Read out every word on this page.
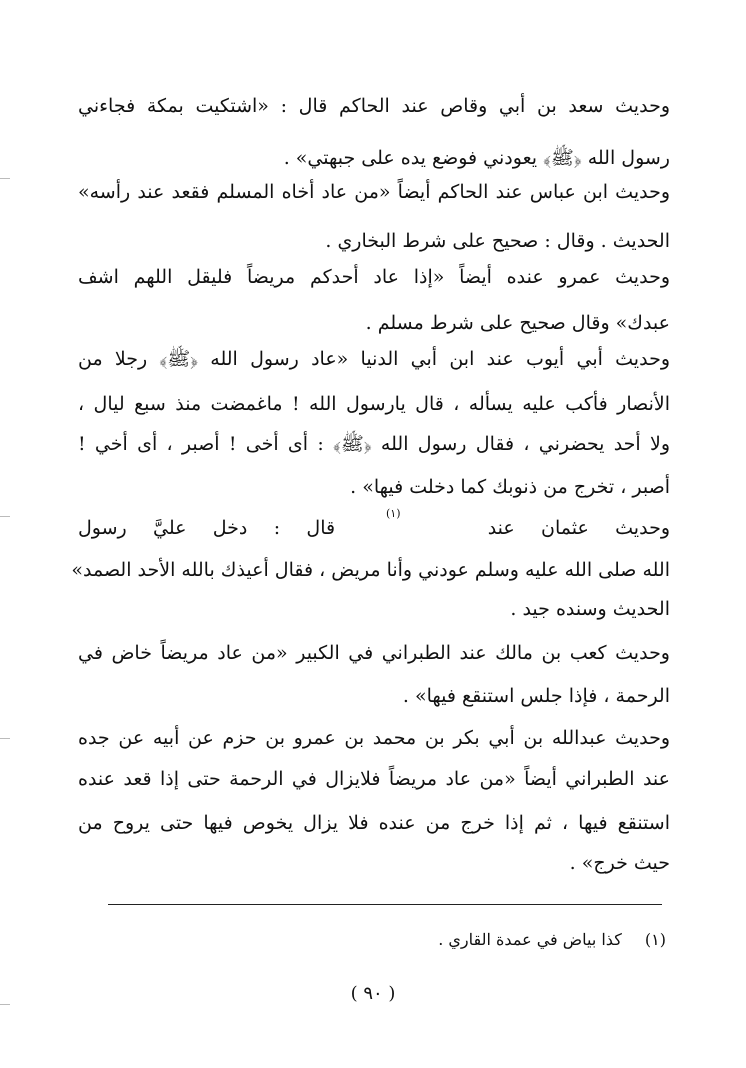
وحديث سعد بن أبي وقاص عند الحاكم قال : «اشتكيت بمكة فجاءني
رسول الله ﴿ﷺ﴾ يعودني فوضع يده على جبهتي» .
وحديث ابن عباس عند الحاكم أيضاً «من عاد أخاه المسلم فقعد عند رأسه»
الحديث . وقال : صحيح على شرط البخاري .
وحديث عمرو عنده أيضاً «إذا عاد أحدكم مريضاً فليقل اللهم اشف
عبدك» وقال صحيح على شرط مسلم .
وحديث أبي أيوب عند ابن أبي الدنيا «عاد رسول الله ﴿ﷺ﴾ رجلا من
الأنصار فأكب عليه يسأله ، قال يارسول الله ! ماغمضت منذ سبع ليال ،
ولا أحد يحضرني ، فقال رسول الله ﴿ﷺ﴾ : أى أخى ! أصبر ، أى أخي !
أصبر ، تخرج من ذنوبك كما دخلت فيها» .
وحديث عثمان عند  قال : دخل عليَّ رسول
(١)
الله صلى الله عليه وسلم عودني وأنا مريض ، فقال أعيذك بالله الأحد الصمد»
الحديث وسنده جيد .
وحديث كعب بن مالك عند الطبراني في الكبير «من عاد مريضاً خاض في
الرحمة ، فإذا جلس استنقع فيها» .
وحديث عبدالله بن أبي بكر بن محمد بن عمرو بن حزم عن أبيه عن جده
عند الطبراني أيضاً «من عاد مريضاً فلايزال في الرحمة حتى إذا قعد عنده
استنقع فيها ، ثم إذا خرج من عنده فلا يزال يخوص فيها حتى يروح من
حيث خرج» .
(١) كذا بياض في عمدة القاري .
( ٩٠ )
